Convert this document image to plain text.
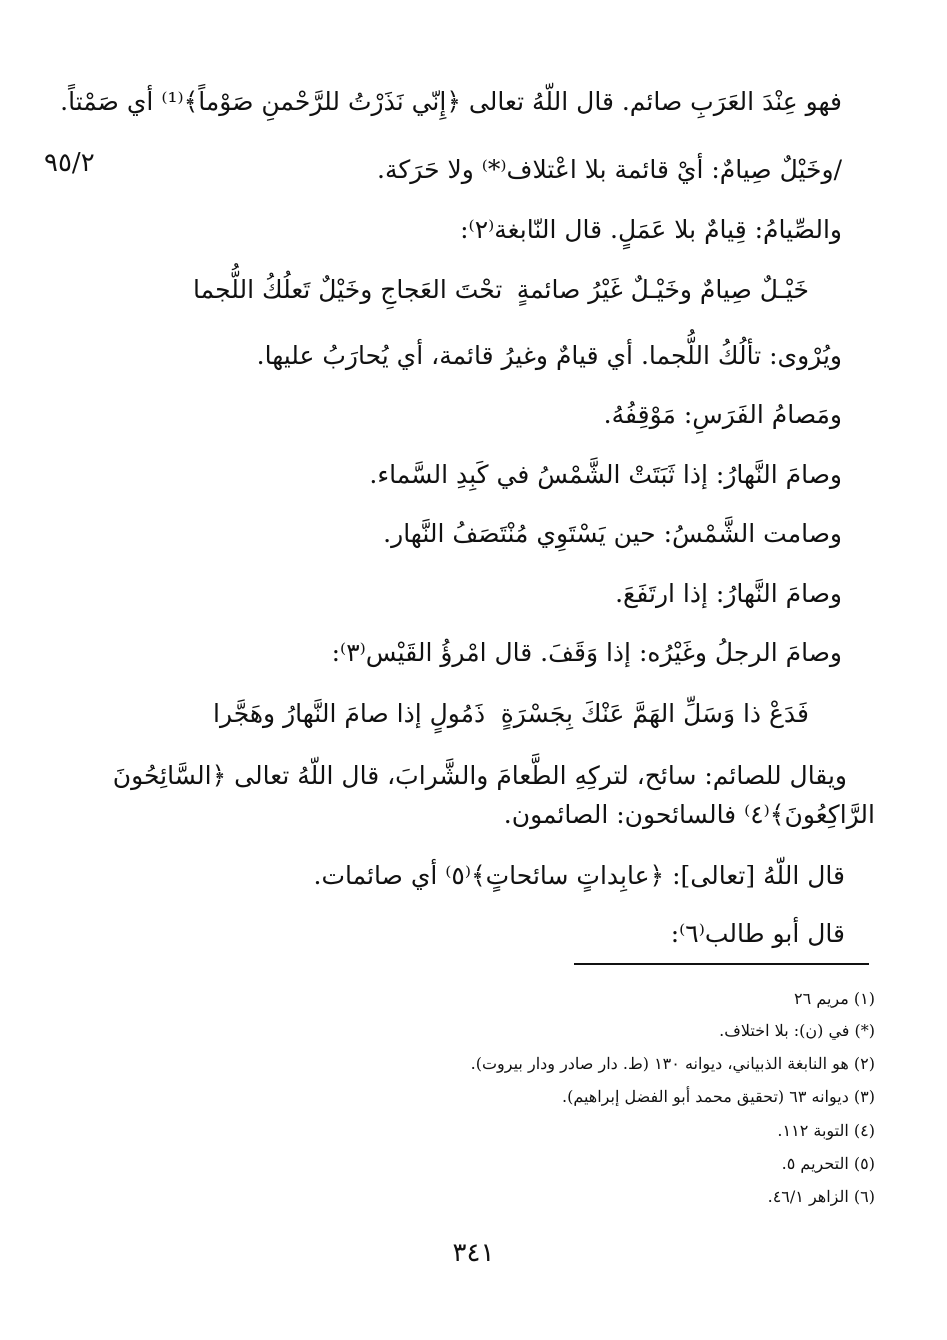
٩٥/٢
فهو عِنْدَ العَرَبِ صائم. قال اللّهُ تعالى ﴿إِنّي نَذَرْتُ للرَّحْمنِ صَوْماً﴾⁽¹⁾ أي صَمْتاً.
/وخَيْلٌ صِيامٌ: أيْ قائمة بلا اعْتلاف⁽*⁾ ولا حَرَكة.
والصِّيامُ: قِيامٌ بلا عَمَلٍ. قال النّابغة⁽٢⁾:
خَيْـلٌ صِيامٌ وخَيْـلٌ غَيْرُ صائمةٍ
تحْتَ العَجاجِ وخَيْلٌ تَعلُكُ اللُّجما
ويُرْوى: تألُكُ اللُّجما. أي قيامٌ وغيرُ قائمة، أي يُحارَبُ عليها.
ومَصامُ الفَرَسِ: مَوْقِفُهُ.
وصامَ النَّهارُ: إذا ثَبَتَتْ الشَّمْسُ في كَبِدِ السَّماء.
وصامت الشَّمْسُ: حين يَسْتَوِي مُنْتَصَفُ النَّهار.
وصامَ النَّهارُ: إذا ارتَفَعَ.
وصامَ الرجلُ وغَيْرُه: إذا وَقَفَ. قال امْرؤُ القَيْس⁽٣⁾:
فَدَعْ ذا وَسَلِّ الهَمَّ عَنْكَ بِجَسْرَةٍ
ذَمُولٍ إذا صامَ النَّهارُ وهَجَّرا
ويقال للصائم: سائح، لتركِهِ الطَّعامَ والشَّرابَ، قال اللّهُ تعالى ﴿السَّائِحُونَ
الرَّاكِعُونَ﴾⁽٤⁾ فالسائحون: الصائمون.
قال اللّهُ [تعالى]: ﴿عابِداتٍ سائحاتٍ﴾⁽٥⁾ أي صائمات.
قال أبو طالب⁽٦⁾:
(١) مريم ٢٦
(*) في (ن): بلا اختلاف.
(٢) هو النابغة الذبياني، ديوانه ١٣٠ (ط. دار صادر ودار بيروت).
(٣) ديوانه ٦٣ (تحقيق محمد أبو الفضل إبراهيم).
(٤) التوبة ١١٢.
(٥) التحريم ٥.
(٦) الزاهر ٤٦/١.
٣٤١
